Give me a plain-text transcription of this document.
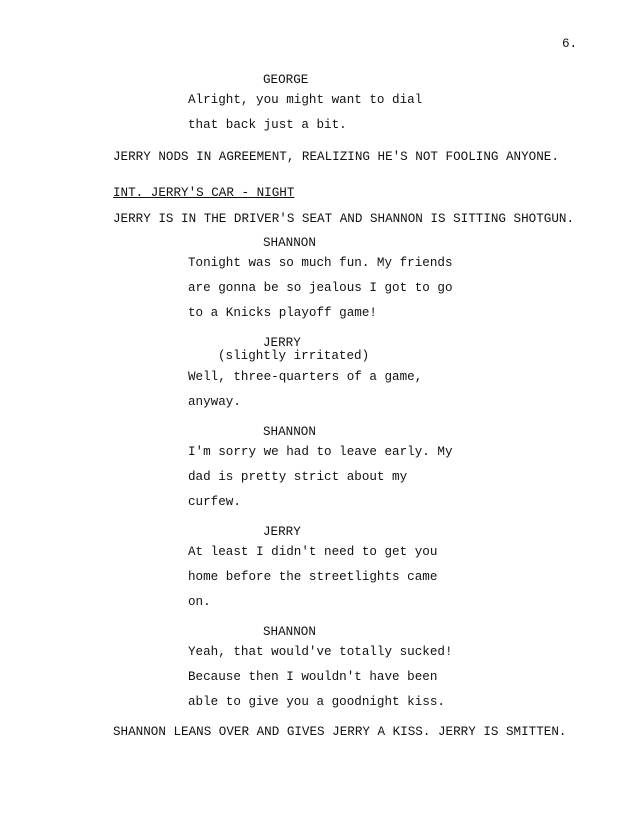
6.
GEORGE
Alright, you might want to dial
that back just a bit.
JERRY NODS IN AGREEMENT, REALIZING HE'S NOT FOOLING ANYONE.
INT. JERRY'S CAR - NIGHT
JERRY IS IN THE DRIVER'S SEAT AND SHANNON IS SITTING SHOTGUN.
SHANNON
Tonight was so much fun. My friends
are gonna be so jealous I got to go
to a Knicks playoff game!
JERRY
(slightly irritated)
Well, three-quarters of a game,
anyway.
SHANNON
I'm sorry we had to leave early. My
dad is pretty strict about my
curfew.
JERRY
At least I didn't need to get you
home before the streetlights came
on.
SHANNON
Yeah, that would've totally sucked!
Because then I wouldn't have been
able to give you a goodnight kiss.
SHANNON LEANS OVER AND GIVES JERRY A KISS. JERRY IS SMITTEN.
